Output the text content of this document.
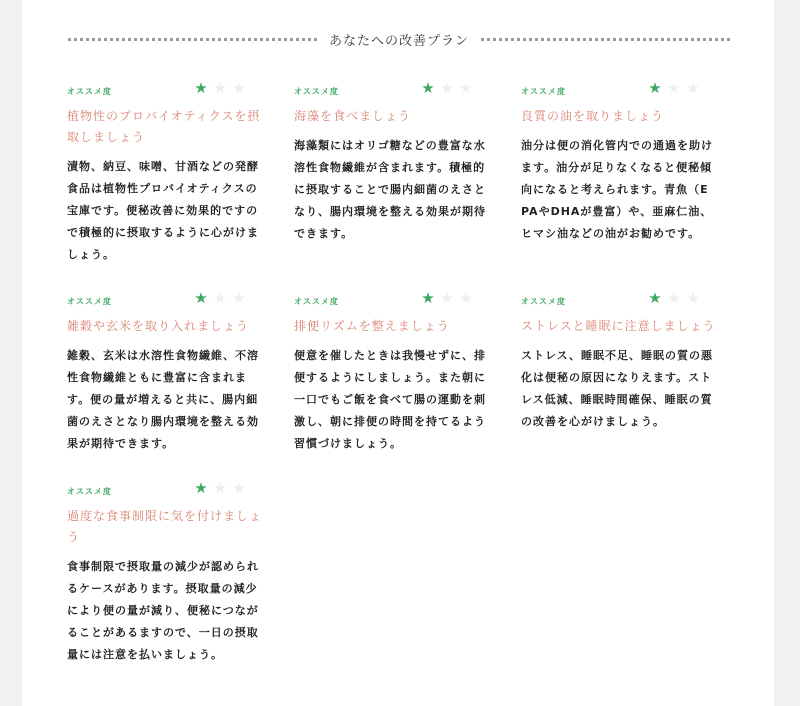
あなたへの改善プラン
オススメ度	★ ★ ★
植物性のプロバイオティクスを摂取しましょう
漬物、納豆、味噌、甘酒などの発酵食品は植物性プロバイオティクスの宝庫です。便秘改善に効果的ですので積極的に摂取するように心がけましょう。
オススメ度	★ ★ ★
海藻を食べましょう
海藻類にはオリゴ糖などの豊富な水溶性食物繊維が含まれます。積極的に摂取することで腸内細菌のえさとなり、腸内環境を整える効果が期待できます。
オススメ度	★ ★ ★
良質の油を取りましょう
油分は便の消化管内での通過を助けます。油分が足りなくなると便秘傾向になると考えられます。青魚（EPAやDHAが豊富）や、亜麻仁油、ヒマシ油などの油がお勧めです。
オススメ度	★ ★ ★
雑穀や玄米を取り入れましょう
雑穀、玄米は水溶性食物繊維、不溶性食物繊維ともに豊富に含まれます。便の量が増えると共に、腸内細菌のえさとなり腸内環境を整える効果が期待できます。
オススメ度	★ ★ ★
排便リズムを整えましょう
便意を催したときは我慢せずに、排便するようにしましょう。また朝に一口でもご飯を食べて腸の運動を刺激し、朝に排便の時間を持てるよう習慣づけましょう。
オススメ度	★ ★ ★
ストレスと睡眠に注意しましょう
ストレス、睡眠不足、睡眠の質の悪化は便秘の原因になりえます。ストレス低減、睡眠時間確保、睡眠の質の改善を心がけましょう。
オススメ度	★ ★ ★
過度な食事制限に気を付けましょう
食事制限で摂取量の減少が認められるケースがあります。摂取量の減少により便の量が減り、便秘につながることがあるますので、一日の摂取量には注意を払いましょう。
